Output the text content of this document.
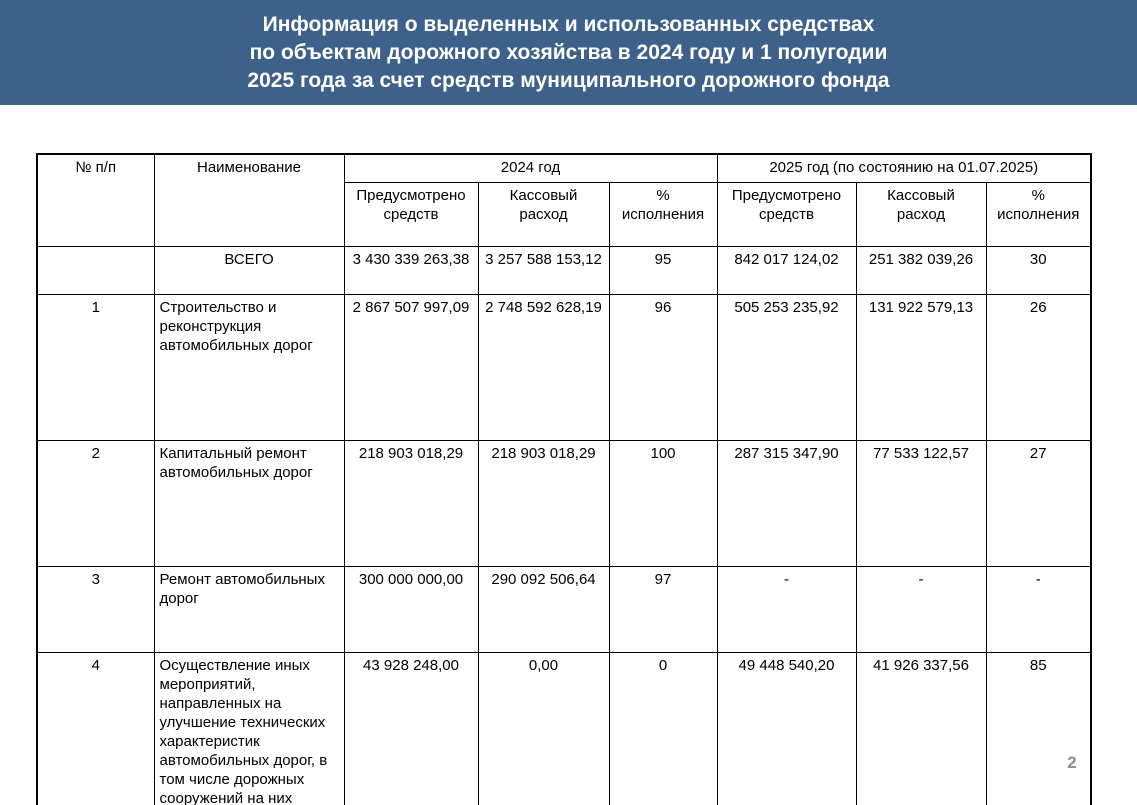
Информация о выделенных и использованных средствах
по объектам дорожного хозяйства в 2024 году и 1 полугодии
2025 года за счет средств муниципального дорожного фонда
№ п/п	Наименование	2024 год			2025 год (по состоянию на 01.07.2025)		
		Предусмотрено средств	Кассовый расход	% исполнения	Предусмотрено средств	Кассовый расход	% исполнения
	ВСЕГО	3 430 339 263,38	3 257 588 153,12	95	842 017 124,02	251 382 039,26	30
1	Строительство и реконструкция автомобильных дорог	2 867 507 997,09	2 748 592 628,19	96	505 253 235,92	131 922 579,13	26
2	Капитальный ремонт автомобильных дорог	218 903 018,29	218 903 018,29	100	287 315 347,90	77 533 122,57	27
3	Ремонт автомобильных дорог	300 000 000,00	290 092 506,64	97	-	-	-
4	Осуществление иных мероприятий, направленных на улучшение технических характеристик автомобильных дорог, в том числе дорожных сооружений на них	43 928 248,00	0,00	0	49 448 540,20	41 926 337,56	85
2
